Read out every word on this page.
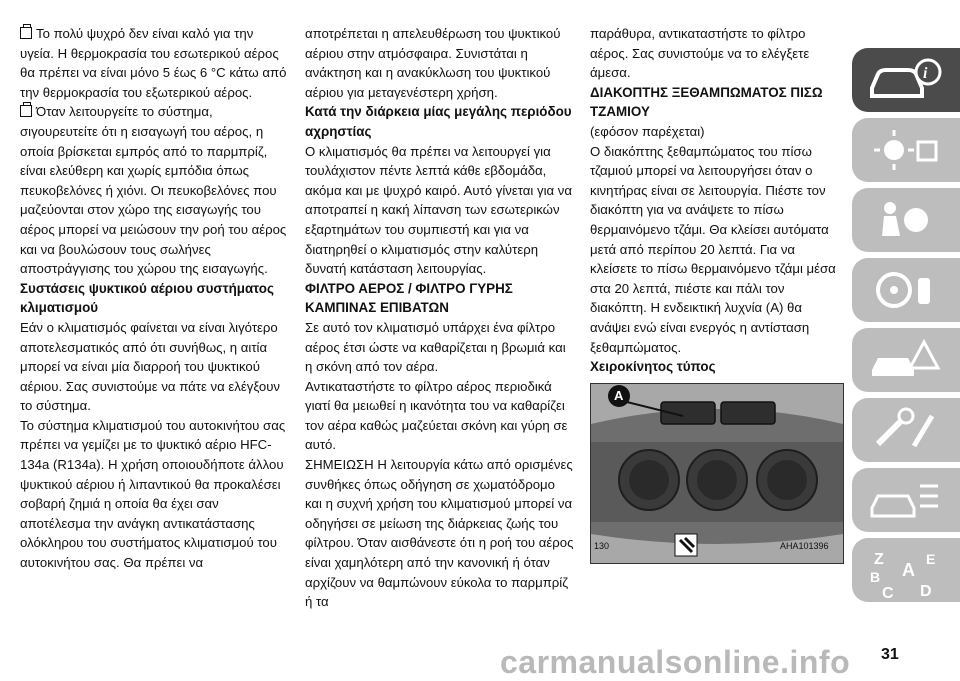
Το πολύ ψυχρό δεν είναι καλό για την υγεία. Η θερμοκρασία του εσωτερικού αέρος θα πρέπει να είναι μόνο 5 έως 6 °C κάτω από την θερμοκρασία του εξωτερικού αέρος.

Όταν λειτουργείτε το σύστημα, σιγουρευτείτε ότι η εισαγωγή του αέρος, η οποία βρίσκεται εμπρός από το παρμπρίζ, είναι ελεύθερη και χωρίς εμπόδια όπως πευκοβελόνες ή χιόνι. Οι πευκοβελόνες που μαζεύονται στον χώρο της εισαγωγής του αέρος μπορεί να μειώσουν την ροή του αέρος και να βουλώσουν τους σωλήνες αποστράγγισης του χώρου της εισαγωγής.

Συστάσεις ψυκτικού αέριου συστήματος κλιματισμού

Εάν ο κλιματισμός φαίνεται να είναι λιγότερο αποτελεσματικός από ότι συνήθως, η αιτία μπορεί να είναι μία διαρροή του ψυκτικού αέριου. Σας συνιστούμε να πάτε να ελέγξουν το σύστημα.

Το σύστημα κλιματισμού του αυτοκινήτου σας πρέπει να γεμίζει με το ψυκτικό αέριο HFC-134a (R134a). Η χρήση οποιουδήποτε άλλου ψυκτικού αέριου ή λιπαντικού θα προκαλέσει σοβαρή ζημιά η οποία θα έχει σαν αποτέλεσμα την ανάγκη αντικατάστασης ολόκληρου του συστήματος κλιματισμού του αυτοκινήτου σας. Θα πρέπει να

αποτρέπεται η απελευθέρωση του ψυκτικού αέριου στην ατμόσφαιρα. Συνιστάται η ανάκτηση και η ανακύκλωση του ψυκτικού αέριου για μεταγενέστερη χρήση.

Κατά την διάρκεια μίας μεγάλης περιόδου αχρηστίας

Ο κλιματισμός θα πρέπει να λειτουργεί για τουλάχιστον πέντε λεπτά κάθε εβδομάδα, ακόμα και με ψυχρό καιρό. Αυτό γίνεται για να αποτραπεί η κακή λίπανση των εσωτερικών εξαρτημάτων του συμπιεστή και για να διατηρηθεί ο κλιματισμός στην καλύτερη δυνατή κατάσταση λειτουργίας.

ΦΙΛΤΡΟ ΑΕΡΟΣ / ΦΙΛΤΡΟ ΓΥΡΗΣ ΚΑΜΠΙΝΑΣ ΕΠΙΒΑΤΩΝ

Σε αυτό τον κλιματισμό υπάρχει ένα φίλτρο αέρος έτσι ώστε να καθαρίζεται η βρωμιά και η σκόνη από τον αέρα.

Αντικαταστήστε το φίλτρο αέρος περιοδικά γιατί θα μειωθεί η ικανότητα του να καθαρίζει τον αέρα καθώς μαζεύεται σκόνη και γύρη σε αυτό.

ΣΗΜΕΙΩΣΗ Η λειτουργία κάτω από ορισμένες συνθήκες όπως οδήγηση σε χωματόδρομο και η συχνή χρήση του κλιματισμού μπορεί να οδηγήσει σε μείωση της διάρκειας ζωής του φίλτρου. Όταν αισθάνεστε ότι η ροή του αέρος είναι χαμηλότερη από την κανονική ή όταν αρχίζουν να θαμπώνουν εύκολα το παρμπρίζ ή τα

παράθυρα, αντικαταστήστε το φίλτρο αέρος. Σας συνιστούμε να το ελέγξετε άμεσα.

ΔΙΑΚΟΠΤΗΣ ΞΕΘΑΜΠΩΜΑΤΟΣ ΠΙΣΩ ΤΖΑΜΙΟΥ

(εφόσον παρέχεται)

Ο διακόπτης ξεθαμπώματος του πίσω τζαμιού μπορεί να λειτουργήσει όταν ο κινητήρας είναι σε λειτουργία. Πιέστε τον διακόπτη για να ανάψετε το πίσω θερμαινόμενο τζάμι. Θα κλείσει αυτόματα μετά από περίπου 20 λεπτά. Για να κλείσετε το πίσω θερμαινόμενο τζάμι μέσα στα 20 λεπτά, πιέστε και πάλι τον διακόπτη. Η ενδεικτική λυχνία (A) θα ανάψει ενώ είναι ενεργός η αντίσταση ξεθαμπώματος.

Χειροκίνητος τύπος
A
130	AHA101396
i
Z
B A
C D
E
carmanualsonline.info 31
